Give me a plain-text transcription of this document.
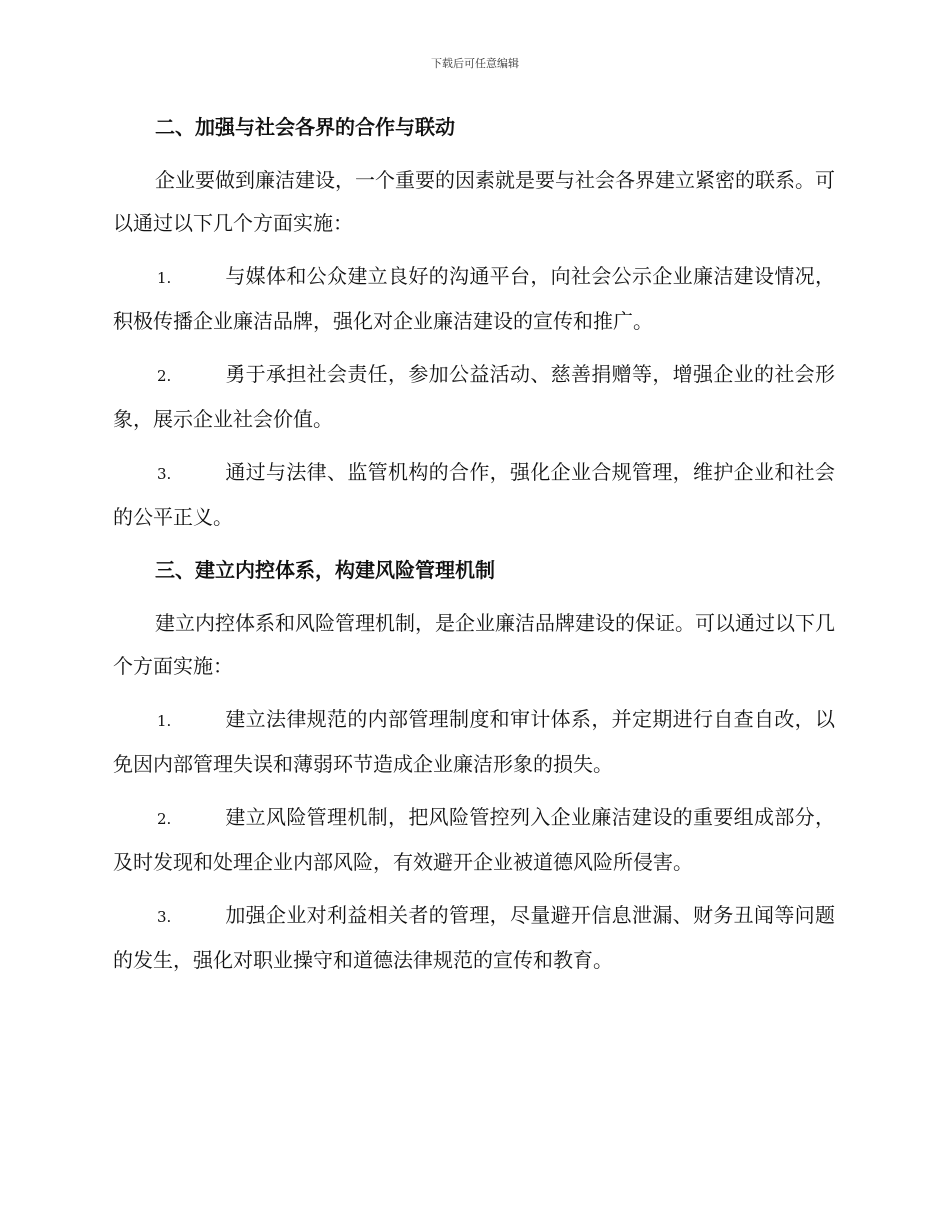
下载后可任意编辑
二、加强与社会各界的合作与联动
企业要做到廉洁建设，一个重要的因素就是要与社会各界建立紧密的联系。可以通过以下几个方面实施：
1.	与媒体和公众建立良好的沟通平台，向社会公示企业廉洁建设情况，积极传播企业廉洁品牌，强化对企业廉洁建设的宣传和推广。
2.	勇于承担社会责任，参加公益活动、慈善捐赠等，增强企业的社会形象，展示企业社会价值。
3.	通过与法律、监管机构的合作，强化企业合规管理，维护企业和社会的公平正义。
三、建立内控体系，构建风险管理机制
建立内控体系和风险管理机制，是企业廉洁品牌建设的保证。可以通过以下几个方面实施：
1.	建立法律规范的内部管理制度和审计体系，并定期进行自查自改，以免因内部管理失误和薄弱环节造成企业廉洁形象的损失。
2.	建立风险管理机制，把风险管控列入企业廉洁建设的重要组成部分，及时发现和处理企业内部风险，有效避开企业被道德风险所侵害。
3.	加强企业对利益相关者的管理，尽量避开信息泄漏、财务丑闻等问题的发生，强化对职业操守和道德法律规范的宣传和教育。
